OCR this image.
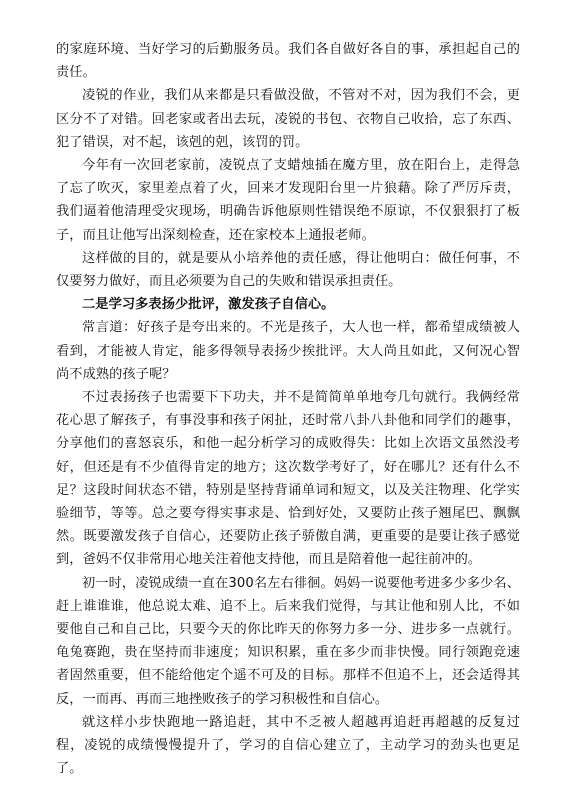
的家庭环境、当好学习的后勤服务员。我们各自做好各自的事，承担起自己的责任。

凌锐的作业，我们从来都是只看做没做，不管对不对，因为我们不会，更区分不了对错。回老家或者出去玩，凌锐的书包、衣物自己收拾，忘了东西、犯了错误，对不起，该剋的剋，该罚的罚。

今年有一次回老家前，凌锐点了支蜡烛插在魔方里，放在阳台上，走得急了忘了吹灭，家里差点着了火，回来才发现阳台里一片狼藉。除了严厉斥责，我们逼着他清理受灾现场，明确告诉他原则性错误绝不原谅，不仅狠狠打了板子，而且让他写出深刻检查，还在家校本上通报老师。

这样做的目的，就是要从小培养他的责任感，得让他明白：做任何事，不仅要努力做好，而且必须要为自己的失败和错误承担责任。

二是学习多表扬少批评，激发孩子自信心。

常言道：好孩子是夸出来的。不光是孩子，大人也一样，都希望成绩被人看到，才能被人肯定，能多得领导表扬少挨批评。大人尚且如此，又何况心智尚不成熟的孩子呢？

不过表扬孩子也需要下下功夫，并不是简简单单地夸几句就行。我俩经常花心思了解孩子，有事没事和孩子闲扯，还时常八卦八卦他和同学们的趣事，分享他们的喜怒哀乐，和他一起分析学习的成败得失：比如上次语文虽然没考好，但还是有不少值得肯定的地方；这次数学考好了，好在哪儿？还有什么不足？这段时间状态不错，特别是坚持背诵单词和短文，以及关注物理、化学实验细节，等等。总之要夸得实事求是、恰到好处，又要防止孩子翘尾巴、飘飘然。既要激发孩子自信心，还要防止孩子骄傲自满，更重要的是要让孩子感觉到，爸妈不仅非常用心地关注着他支持他，而且是陪着他一起往前冲的。

初一时，凌锐成绩一直在300名左右徘徊。妈妈一说要他考进多少多少名、赶上谁谁谁，他总说太难、追不上。后来我们觉得，与其让他和别人比，不如要他自己和自己比，只要今天的你比昨天的你努力多一分、进步多一点就行。龟兔赛跑，贵在坚持而非速度；知识积累，重在多少而非快慢。同行领跑竞速者固然重要，但不能给他定个遥不可及的目标。那样不但追不上，还会适得其反，一而再、再而三地挫败孩子的学习积极性和自信心。

就这样小步快跑地一路追赶，其中不乏被人超越再追赶再超越的反复过程，凌锐的成绩慢慢提升了，学习的自信心建立了，主动学习的劲头也更足了。
